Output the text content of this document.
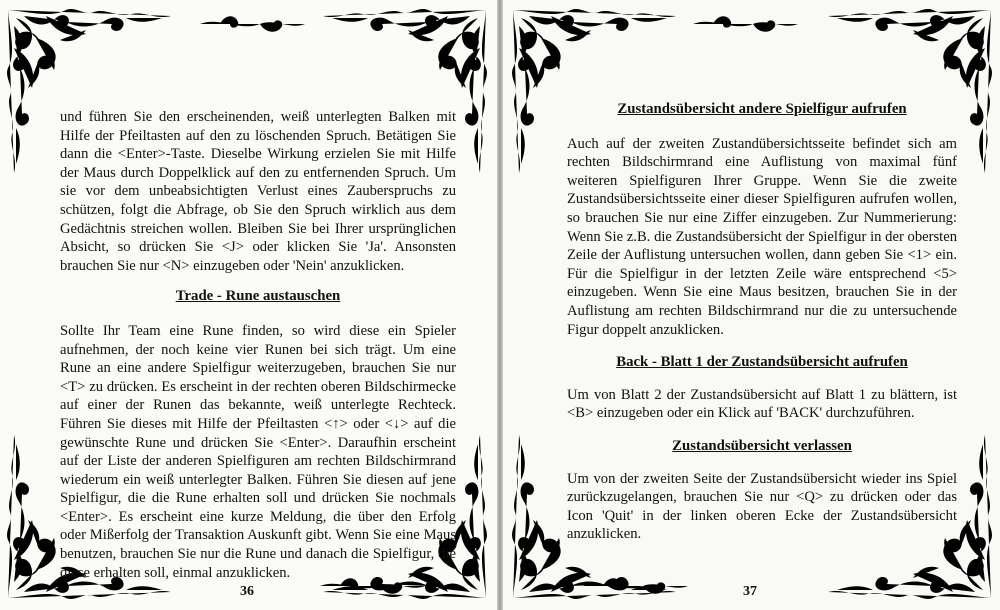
und führen Sie den erscheinenden, weiß unterlegten Balken mit Hilfe der Pfeiltasten auf den zu löschenden Spruch. Betätigen Sie dann die <Enter>-Taste. Dieselbe Wirkung erzielen Sie mit Hilfe der Maus durch Doppelklick auf den zu entfernenden Spruch. Um sie vor dem unbeabsichtigten Verlust eines Zauberspruchs zu schützen, folgt die Abfrage, ob Sie den Spruch wirklich aus dem Gedächtnis streichen wollen. Bleiben Sie bei Ihrer ursprünglichen Absicht, so drücken Sie <J> oder klicken Sie 'Ja'. Ansonsten brauchen Sie nur <N> einzugeben oder 'Nein' anzuklicken.

Trade - Rune austauschen

Sollte Ihr Team eine Rune finden, so wird diese ein Spieler aufnehmen, der noch keine vier Runen bei sich trägt. Um eine Rune an eine andere Spielfigur weiterzugeben, brauchen Sie nur <T> zu drücken. Es erscheint in der rechten oberen Bildschirmecke auf einer der Runen das bekannte, weiß unterlegte Rechteck. Führen Sie dieses mit Hilfe der Pfeiltasten <↑> oder <↓> auf die gewünschte Rune und drücken Sie <Enter>. Daraufhin erscheint auf der Liste der anderen Spielfiguren am rechten Bildschirmrand wiederum ein weiß unterlegter Balken. Führen Sie diesen auf jene Spielfigur, die die Rune erhalten soll und drücken Sie nochmals <Enter>. Es erscheint eine kurze Meldung, die über den Erfolg oder Mißerfolg der Transaktion Auskunft gibt. Wenn Sie eine Maus benutzen, brauchen Sie nur die Rune und danach die Spielfigur, die diese erhalten soll, einmal anzuklicken.

36

Zustandsübersicht andere Spielfigur aufrufen

Auch auf der zweiten Zustandübersichtsseite befindet sich am rechten Bildschirmrand eine Auflistung von maximal fünf weiteren Spielfiguren Ihrer Gruppe. Wenn Sie die zweite Zustandsübersichtsseite einer dieser Spielfiguren aufrufen wollen, so brauchen Sie nur eine Ziffer einzugeben. Zur Nummerierung: Wenn Sie z.B. die Zustandsübersicht der Spielfigur in der obersten Zeile der Auflistung untersuchen wollen, dann geben Sie <1> ein. Für die Spielfigur in der letzten Zeile wäre entsprechend <5> einzugeben. Wenn Sie eine Maus besitzen, brauchen Sie in der Auflistung am rechten Bildschirmrand nur die zu untersuchende Figur doppelt anzuklicken.

Back - Blatt 1 der Zustandsübersicht aufrufen

Um von Blatt 2 der Zustandsübersicht auf Blatt 1 zu blättern, ist <B> einzugeben oder ein Klick auf 'BACK' durchzuführen.

Zustandsübersicht verlassen

Um von der zweiten Seite der Zustandsübersicht wieder ins Spiel zurückzugelangen, brauchen Sie nur <Q> zu drücken oder das Icon 'Quit' in der linken oberen Ecke der Zustandsübersicht anzuklicken.

37
